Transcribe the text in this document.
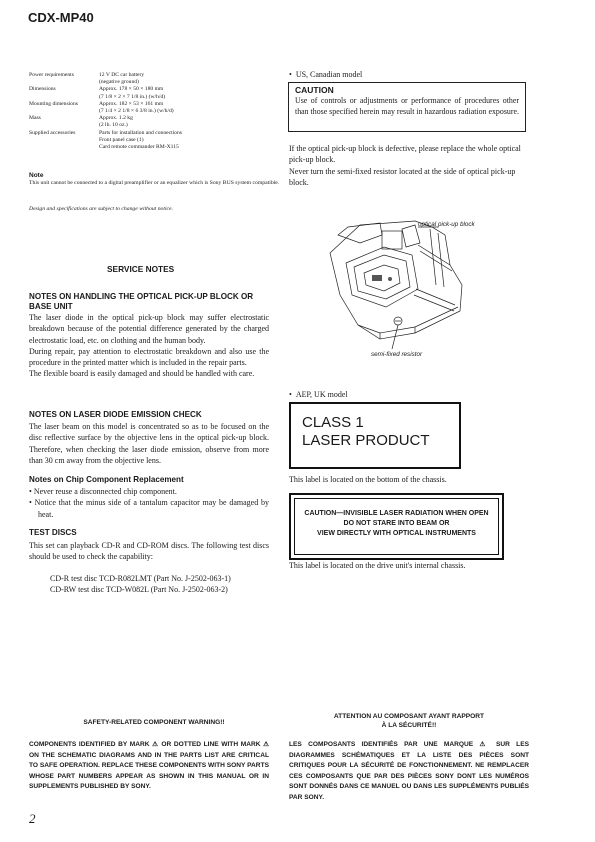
CDX-MP40
Power requirements	12 V DC car battery
(negative ground)

Dimensions	Approx. 178 × 50 × 180 mm
(7 1/8 × 2 × 7 1/8 in.) (w/h/d)

Mounting dimensions	Approx. 182 × 53 × 161 mm
(7 1/4 × 2 1/8 × 6 3/8 in.) (w/h/d)

Mass	Approx. 1.2 kg
(2 lb. 10 oz.)

Supplied accessories	Parts for installation and connections
Front panel case (1)
Card remote commander RM-X115
Note
This unit cannot be connected to a digital preamplifier or an equalizer which is Sony BUS system compatible.
Design and specifications are subject to change without notice.
SERVICE NOTES
NOTES ON HANDLING THE OPTICAL PICK-UP BLOCK OR BASE UNIT
The laser diode in the optical pick-up block may suffer electrostatic breakdown because of the potential difference generated by the charged electrostatic load, etc. on clothing and the human body.
During repair, pay attention to electrostatic breakdown and also use the procedure in the printed matter which is included in the repair parts.
The flexible board is easily damaged and should be handled with care.
NOTES ON LASER DIODE EMISSION CHECK
The laser beam on this model is concentrated so as to be focused on the disc reflective surface by the objective lens in the optical pick-up block. Therefore, when checking the laser diode emission, observe from more than 30 cm away from the objective lens.
Notes on Chip Component Replacement
• Never reuse a disconnected chip component.
• Notice that the minus side of a tantalum capacitor may be damaged by heat.
TEST DISCS
This set can playback CD-R and CD-ROM discs. The following test discs should be used to check the capability:
CD-R test disc TCD-R082LMT (Part No. J-2502-063-1)
CD-RW test disc TCD-W082L (Part No. J-2502-063-2)
•  US, Canadian model
CAUTION
Use of controls or adjustments or performance of procedures other than those specified herein may result in hazardous radiation exposure.
If the optical pick-up block is defective, please replace the whole optical pick-up block.
Never turn the semi-fixed resistor located at the side of optical pick-up block.
optical pick-up block
semi-fixed resistor
•  AEP, UK model
CLASS 1
LASER PRODUCT
This label is located on the bottom of the chassis.
CAUTION—INVISIBLE LASER RADIATION WHEN OPEN
DO NOT STARE INTO BEAM OR
VIEW DIRECTLY WITH OPTICAL INSTRUMENTS
This label is located on the drive unit's internal chassis.
SAFETY-RELATED COMPONENT WARNING!!
COMPONENTS IDENTIFIED BY MARK ⚠ OR DOTTED LINE WITH MARK ⚠ ON THE SCHEMATIC DIAGRAMS AND IN THE PARTS LIST ARE CRITICAL TO SAFE OPERATION. REPLACE THESE COMPONENTS WITH SONY PARTS WHOSE PART NUMBERS APPEAR AS SHOWN IN THIS MANUAL OR IN SUPPLEMENTS PUBLISHED BY SONY.
ATTENTION AU COMPOSANT AYANT RAPPORT
À LA SÉCURITÉ!!
LES COMPOSANTS IDENTIFIÉS PAR UNE MARQUE ⚠ SUR LES DIAGRAMMES SCHÉMATIQUES ET LA LISTE DES PIÈCES SONT CRITIQUES POUR LA SÉCURITÉ DE FONCTIONNEMENT. NE REMPLACER CES COMPOSANTS QUE PAR DES PIÈCES SONY DONT LES NUMÉROS SONT DONNÉS DANS CE MANUEL OU DANS LES SUPPLÉMENTS PUBLIÉS PAR SONY.
2
